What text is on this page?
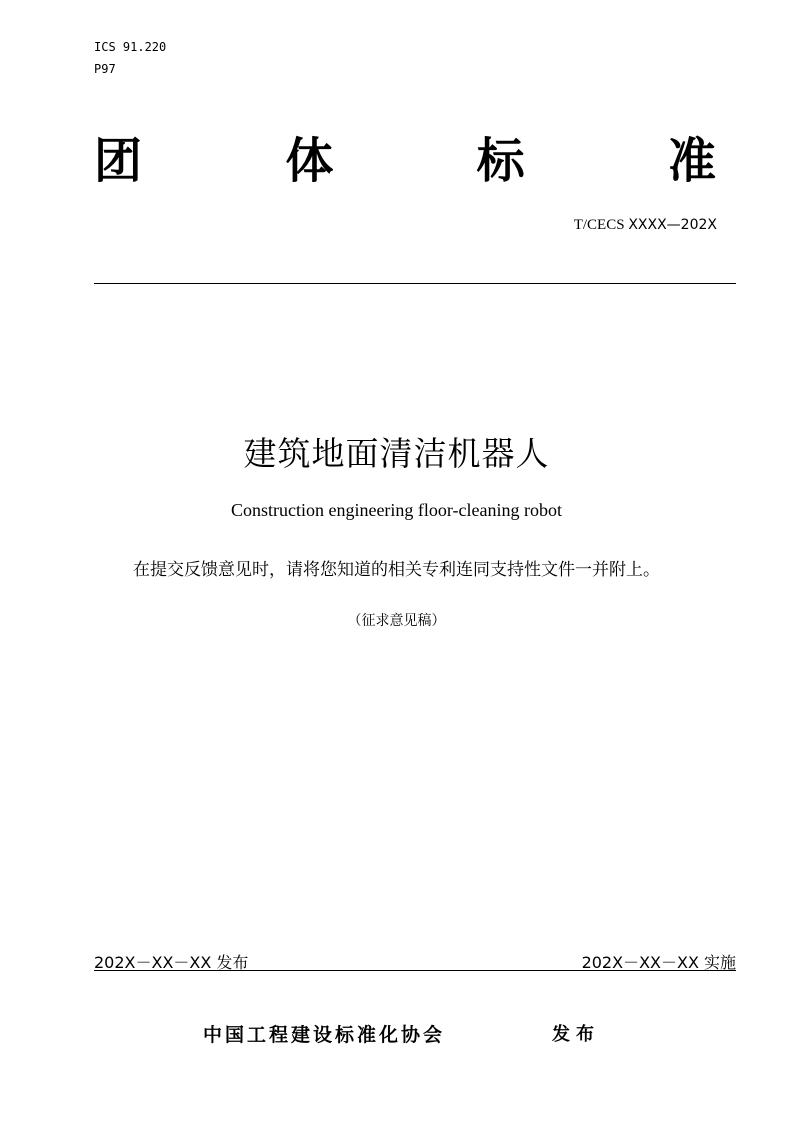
ICS 91.220
P97
团	体	标	准
T/CECS XXXX—202X
建筑地面清洁机器人
Construction engineering floor-cleaning robot
在提交反馈意见时，请将您知道的相关专利连同支持性文件一并附上。
（征求意见稿）
202X－XX－XX 发布	202X－XX－XX 实施
中国工程建设标准化协会	发布
